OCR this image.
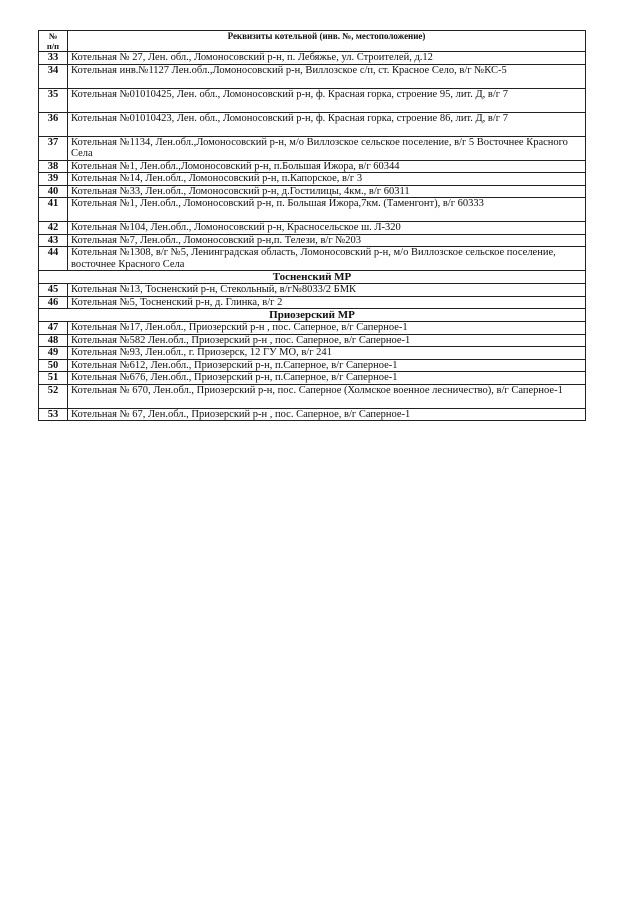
№
п/п	Реквизиты котельной (инв. №, местоположение)
33	Котельная № 27, Лен. обл., Ломоносовский р-н, п. Лебяжье, ул. Строителей, д.12
34	Котельная инв.№1127 Лен.обл.,Ломоносовский р-н, Виллозское с/п, ст. Красное Село, в/г №КС-5
35	Котельная №01010425, Лен. обл., Ломоносовский р-н, ф. Красная горка, строение 95, лит. Д, в/г 7
36	Котельная №01010423, Лен. обл., Ломоносовский р-н, ф. Красная горка, строение 86, лит. Д, в/г 7
37	Котельная №1134, Лен.обл.,Ломоносовский р-н, м/о Виллозское сельское поселение, в/г 5 Восточнее Красного Села
38	Котельная №1, Лен.обл.,Ломоносовский р-н, п.Большая Ижора, в/г 60344
39	Котельная №14, Лен.обл., Ломоносовский р-н, п.Капорское, в/г 3
40	Котельная №33, Лен.обл., Ломоносовский р-н, д.Гостилицы, 4км., в/г 60311
41	Котельная №1, Лен.обл., Ломоносовский р-н, п. Большая Ижора,7км. (Таменгонт), в/г 60333
42	Котельная №104, Лен.обл., Ломоносовский р-н, Красносельское ш. Л-320
43	Котельная №7, Лен.обл., Ломоносовский р-н,п. Телези, в/г №203
44	Котельная №1308, в/г №5, Ленинградская область, Ломоносовский р-н, м/о Виллозское сельское поселение, восточнее Красного Села
Тосненский МР	
45	Котельная №13, Тосненский р-н, Стекольный, в/г№8033/2 БМК
46	Котельная №5, Тосненский р-н, д. Глинка, в/г 2
Приозерский МР	
47	Котельная №17, Лен.обл., Приозерский р-н , пос. Саперное, в/г Саперное-1
48	Котельная №582 Лен.обл., Приозерский р-н , пос. Саперное, в/г Саперное-1
49	Котельная №93, Лен.обл., г. Приозерск, 12 ГУ МО, в/г 241
50	Котельная №612, Лен.обл., Приозерский р-н, п.Саперное, в/г Саперное-1
51	Котельная №676, Лен.обл., Приозерский р-н, п.Саперное, в/г Саперное-1
52	Котельная № 670, Лен.обл., Приозерский р-н, пос. Саперное (Холмское военное лесничество), в/г Саперное-1
53	Котельная № 67, Лен.обл., Приозерский р-н , пос. Саперное, в/г Саперное-1
